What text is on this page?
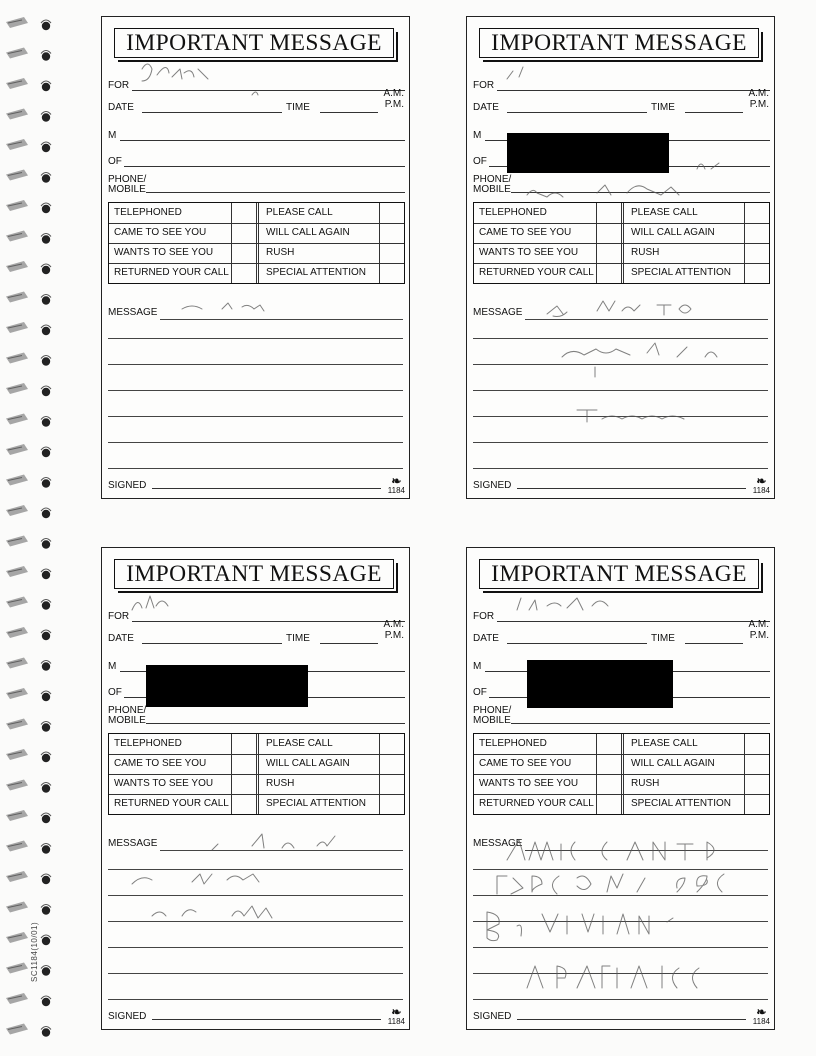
SC1184(10/01)
IMPORTANT MESSAGE
FOR
DATE	TIME
A.M.
P.M.
M
OF
PHONE/
MOBILE
TELEPHONED	PLEASE CALL
CAME TO SEE YOU	WILL CALL AGAIN
WANTS TO SEE YOU	RUSH
RETURNED YOUR CALL	SPECIAL ATTENTION
MESSAGE
SIGNED	❧
1184
IMPORTANT MESSAGE
FOR
DATE	TIME
A.M.
P.M.
M
OF
PHONE/
MOBILE
TELEPHONED	PLEASE CALL
CAME TO SEE YOU	WILL CALL AGAIN
WANTS TO SEE YOU	RUSH
RETURNED YOUR CALL	SPECIAL ATTENTION
MESSAGE
SIGNED	❧
1184
IMPORTANT MESSAGE
FOR
DATE	TIME
A.M.
P.M.
M
OF
PHONE/
MOBILE
TELEPHONED	PLEASE CALL
CAME TO SEE YOU	WILL CALL AGAIN
WANTS TO SEE YOU	RUSH
RETURNED YOUR CALL	SPECIAL ATTENTION
MESSAGE
SIGNED	❧
1184
IMPORTANT MESSAGE
FOR
DATE	TIME
A.M.
P.M.
M
OF
PHONE/
MOBILE
TELEPHONED	PLEASE CALL
CAME TO SEE YOU	WILL CALL AGAIN
WANTS TO SEE YOU	RUSH
RETURNED YOUR CALL	SPECIAL ATTENTION
MESSAGE
SIGNED	❧
1184
